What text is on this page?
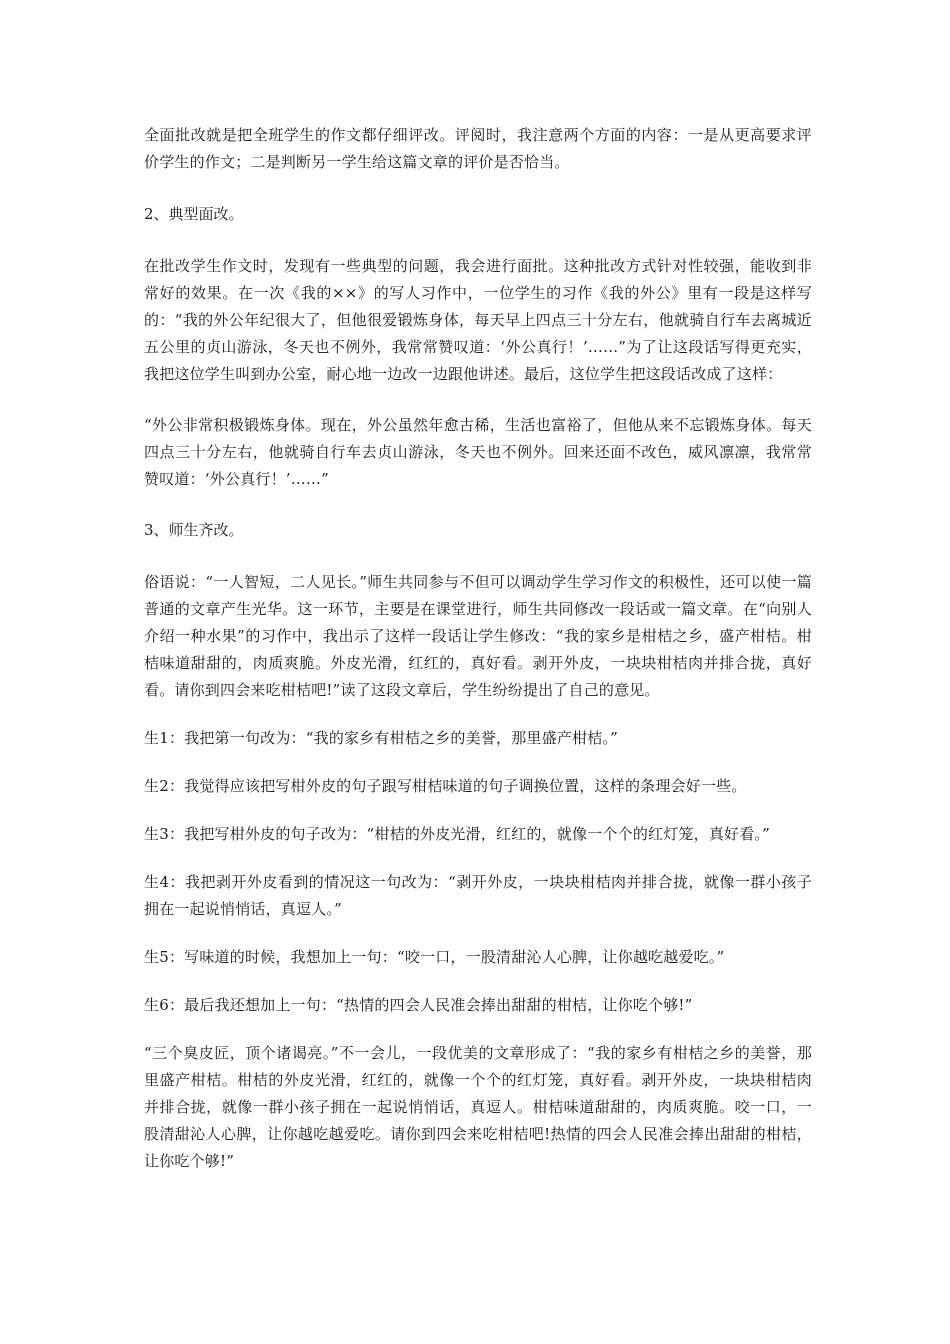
全面批改就是把全班学生的作文都仔细评改。评阅时，我注意两个方面的内容：一是从更高要求评价学生的作文；二是判断另一学生给这篇文章的评价是否恰当。

2、典型面改。

在批改学生作文时，发现有一些典型的问题，我会进行面批。这种批改方式针对性较强，能收到非常好的效果。在一次《我的××》的写人习作中，一位学生的习作《我的外公》里有一段是这样写的：“我的外公年纪很大了，但他很爱锻炼身体，每天早上四点三十分左右，他就骑自行车去离城近五公里的贞山游泳，冬天也不例外，我常常赞叹道：‘外公真行！’……”为了让这段话写得更充实，我把这位学生叫到办公室，耐心地一边改一边跟他讲述。最后，这位学生把这段话改成了这样：

“外公非常积极锻炼身体。现在，外公虽然年愈古稀，生活也富裕了，但他从来不忘锻炼身体。每天四点三十分左右，他就骑自行车去贞山游泳，冬天也不例外。回来还面不改色，威风凛凛，我常常赞叹道：‘外公真行！’……”

3、师生齐改。

俗语说：“一人智短，二人见长。”师生共同参与不但可以调动学生学习作文的积极性，还可以使一篇普通的文章产生光华。这一环节，主要是在课堂进行，师生共同修改一段话或一篇文章。在“向别人介绍一种水果”的习作中，我出示了这样一段话让学生修改：“我的家乡是柑桔之乡，盛产柑桔。柑桔味道甜甜的，肉质爽脆。外皮光滑，红红的，真好看。剥开外皮，一块块柑桔肉并排合拢，真好看。请你到四会来吃柑桔吧!”读了这段文章后，学生纷纷提出了自己的意见。

生1：我把第一句改为：“我的家乡有柑桔之乡的美誉，那里盛产柑桔。”

生2：我觉得应该把写柑外皮的句子跟写柑桔味道的句子调换位置，这样的条理会好一些。

生3：我把写柑外皮的句子改为：“柑桔的外皮光滑，红红的，就像一个个的红灯笼，真好看。”

生4：我把剥开外皮看到的情况这一句改为：“剥开外皮，一块块柑桔肉并排合拢，就像一群小孩子拥在一起说悄悄话，真逗人。”

生5：写味道的时候，我想加上一句：“咬一口，一股清甜沁人心脾，让你越吃越爱吃。”

生6：最后我还想加上一句：“热情的四会人民准会捧出甜甜的柑桔，让你吃个够!”

“三个臭皮匠，顶个诸谒亮。”不一会儿，一段优美的文章形成了：“我的家乡有柑桔之乡的美誉，那里盛产柑桔。柑桔的外皮光滑，红红的，就像一个个的红灯笼，真好看。剥开外皮，一块块柑桔肉并排合拢，就像一群小孩子拥在一起说悄悄话，真逗人。柑桔味道甜甜的，肉质爽脆。咬一口，一股清甜沁人心脾，让你越吃越爱吃。请你到四会来吃柑桔吧!热情的四会人民准会捧出甜甜的柑桔，让你吃个够!”
